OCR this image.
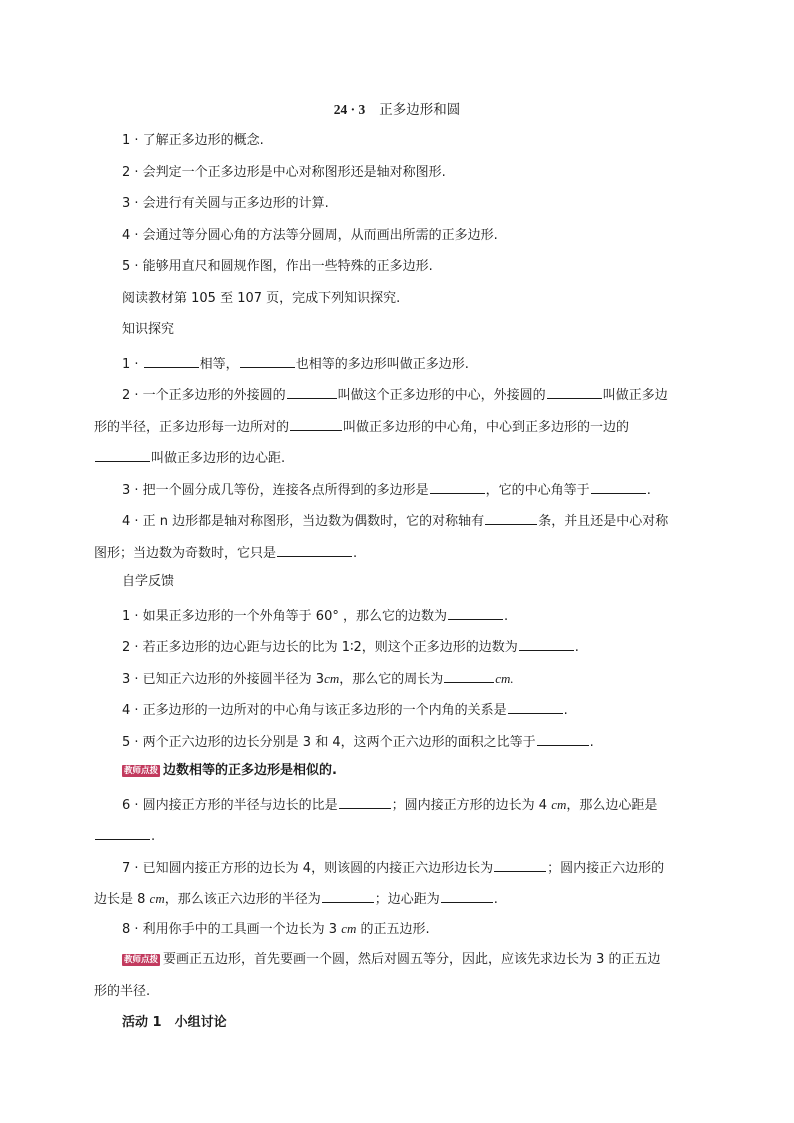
24 · 3 正多边形和圆
1 · 了解正多边形的概念.
2 · 会判定一个正多边形是中心对称图形还是轴对称图形.
3 · 会进行有关圆与正多边形的计算.
4 · 会通过等分圆心角的方法等分圆周，从而画出所需的正多边形.
5 · 能够用直尺和圆规作图，作出一些特殊的正多边形.
阅读教材第 105 至 107 页，完成下列知识探究.
知识探究
1 ·	相等，	也相等的多边形叫做正多边形.
2 · 一个正多边形的外接圆的	叫做这个正多边形的中心，外接圆的	叫做正多边
形的半径，正多边形每一边所对的	叫做正多边形的中心角，中心到正多边形的一边的
叫做正多边形的边心距.
3 · 把一个圆分成几等份，连接各点所得到的多边形是	，它的中心角等于	.
4 · 正 n 边形都是轴对称图形，当边数为偶数时，它的对称轴有	条，并且还是中心对称
图形；当边数为奇数时，它只是	.
自学反馈
1 · 如果正多边形的一个外角等于 60° ，那么它的边数为	.
2 · 若正多边形的边心距与边长的比为 1∶2，则这个正多边形的边数为	.
3 · 已知正六边形的外接圆半径为 3cm，那么它的周长为	cm.
4 · 正多边形的一边所对的中心角与该正多边形的一个内角的关系是	.
5 · 两个正六边形的边长分别是 3 和 4，这两个正六边形的面积之比等于	.
教师点拨 边数相等的正多边形是相似的.
6 · 圆内接正方形的半径与边长的比是	；圆内接正方形的边长为 4 cm，那么边心距是
.
7 · 已知圆内接正方形的边长为 4，则该圆的内接正六边形边长为	；圆内接正六边形的
边长是 8 cm，那么该正六边形的半径为	；边心距为	.
8 · 利用你手中的工具画一个边长为 3 cm 的正五边形.
教师点拨 要画正五边形，首先要画一个圆，然后对圆五等分，因此，应该先求边长为 3 的正五边
形的半径.
活动 1　小组讨论
